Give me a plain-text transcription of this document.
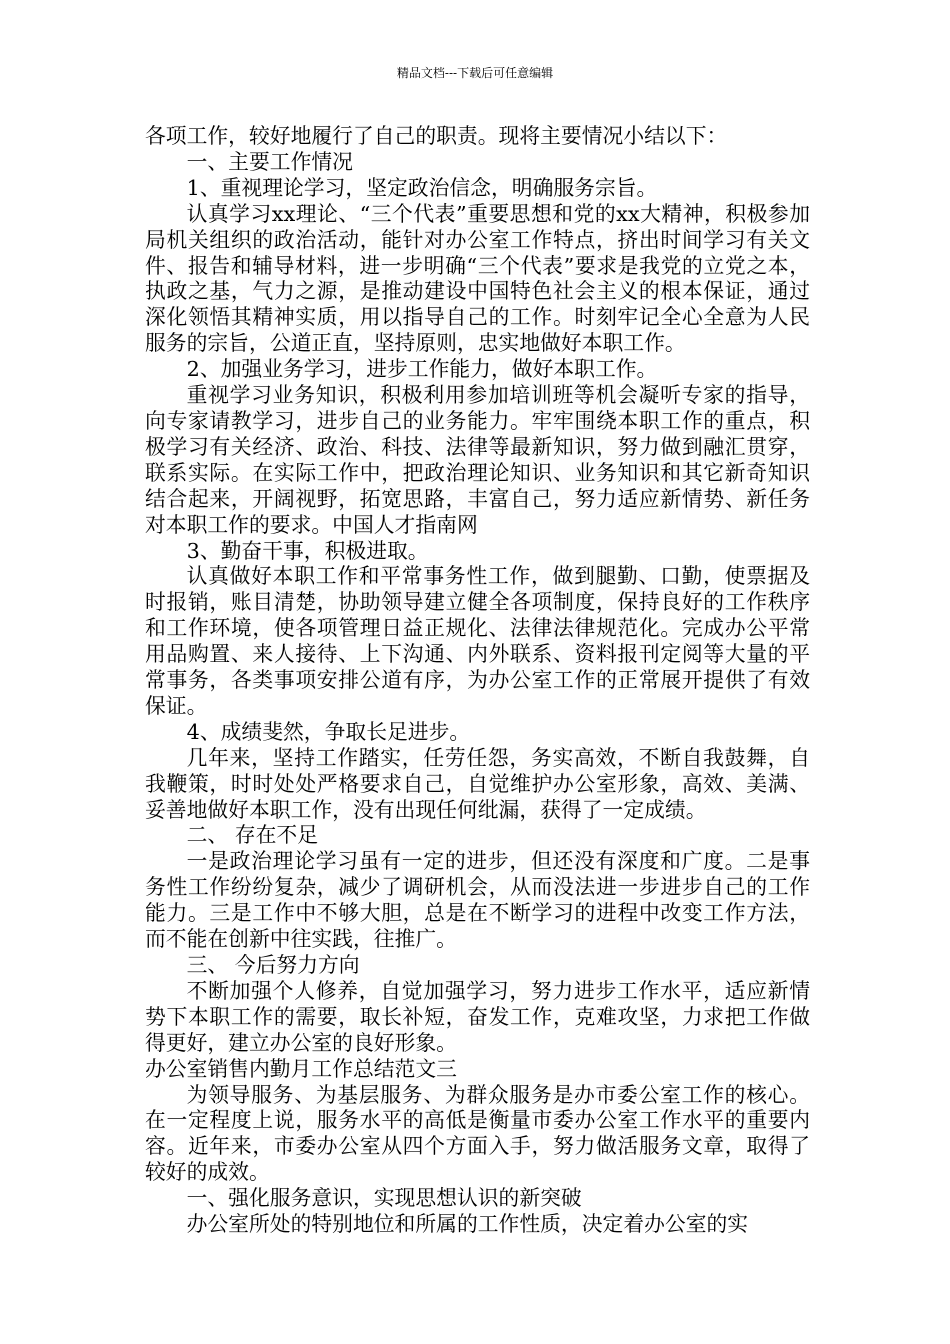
精品文档---下载后可任意编辑

各项工作，较好地履行了自己的职责。现将主要情况小结以下：

一、主要工作情况

1、重视理论学习，坚定政治信念，明确服务宗旨。

认真学习xx理论、“三个代表”重要思想和党的xx大精神，积极参加局机关组织的政治活动，能针对办公室工作特点，挤出时间学习有关文件、报告和辅导材料，进一步明确“三个代表”要求是我党的立党之本，执政之基，气力之源，是推动建设中国特色社会主义的根本保证，通过深化领悟其精神实质，用以指导自己的工作。时刻牢记全心全意为人民服务的宗旨，公道正直，坚持原则，忠实地做好本职工作。

2、加强业务学习，进步工作能力，做好本职工作。

重视学习业务知识，积极利用参加培训班等机会凝听专家的指导，向专家请教学习，进步自己的业务能力。牢牢围绕本职工作的重点，积极学习有关经济、政治、科技、法律等最新知识，努力做到融汇贯穿，联系实际。在实际工作中，把政治理论知识、业务知识和其它新奇知识结合起来，开阔视野，拓宽思路，丰富自己，努力适应新情势、新任务对本职工作的要求。中国人才指南网

3、勤奋干事，积极进取。

认真做好本职工作和平常事务性工作，做到腿勤、口勤，使票据及时报销，账目清楚，协助领导建立健全各项制度，保持良好的工作秩序和工作环境，使各项管理日益正规化、法律法律规范化。完成办公平常用品购置、来人接待、上下沟通、内外联系、资料报刊定阅等大量的平常事务，各类事项安排公道有序，为办公室工作的正常展开提供了有效保证。

4、成绩斐然，争取长足进步。

几年来，坚持工作踏实，任劳任怨，务实高效，不断自我鼓舞，自我鞭策，时时处处严格要求自己，自觉维护办公室形象，高效、美满、妥善地做好本职工作，没有出现任何纰漏，获得了一定成绩。

二、 存在不足

一是政治理论学习虽有一定的进步，但还没有深度和广度。二是事务性工作纷纷复杂，减少了调研机会，从而没法进一步进步自己的工作能力。三是工作中不够大胆，总是在不断学习的进程中改变工作方法，而不能在创新中往实践，往推广。

三、 今后努力方向

不断加强个人修养，自觉加强学习，努力进步工作水平，适应新情势下本职工作的需要，取长补短，奋发工作，克难攻坚，力求把工作做得更好，建立办公室的良好形象。

办公室销售内勤月工作总结范文三

为领导服务、为基层服务、为群众服务是办市委公室工作的核心。在一定程度上说，服务水平的高低是衡量市委办公室工作水平的重要内容。近年来，市委办公室从四个方面入手，努力做活服务文章，取得了较好的成效。

一、强化服务意识，实现思想认识的新突破

办公室所处的特别地位和所属的工作性质，决定着办公室的实
